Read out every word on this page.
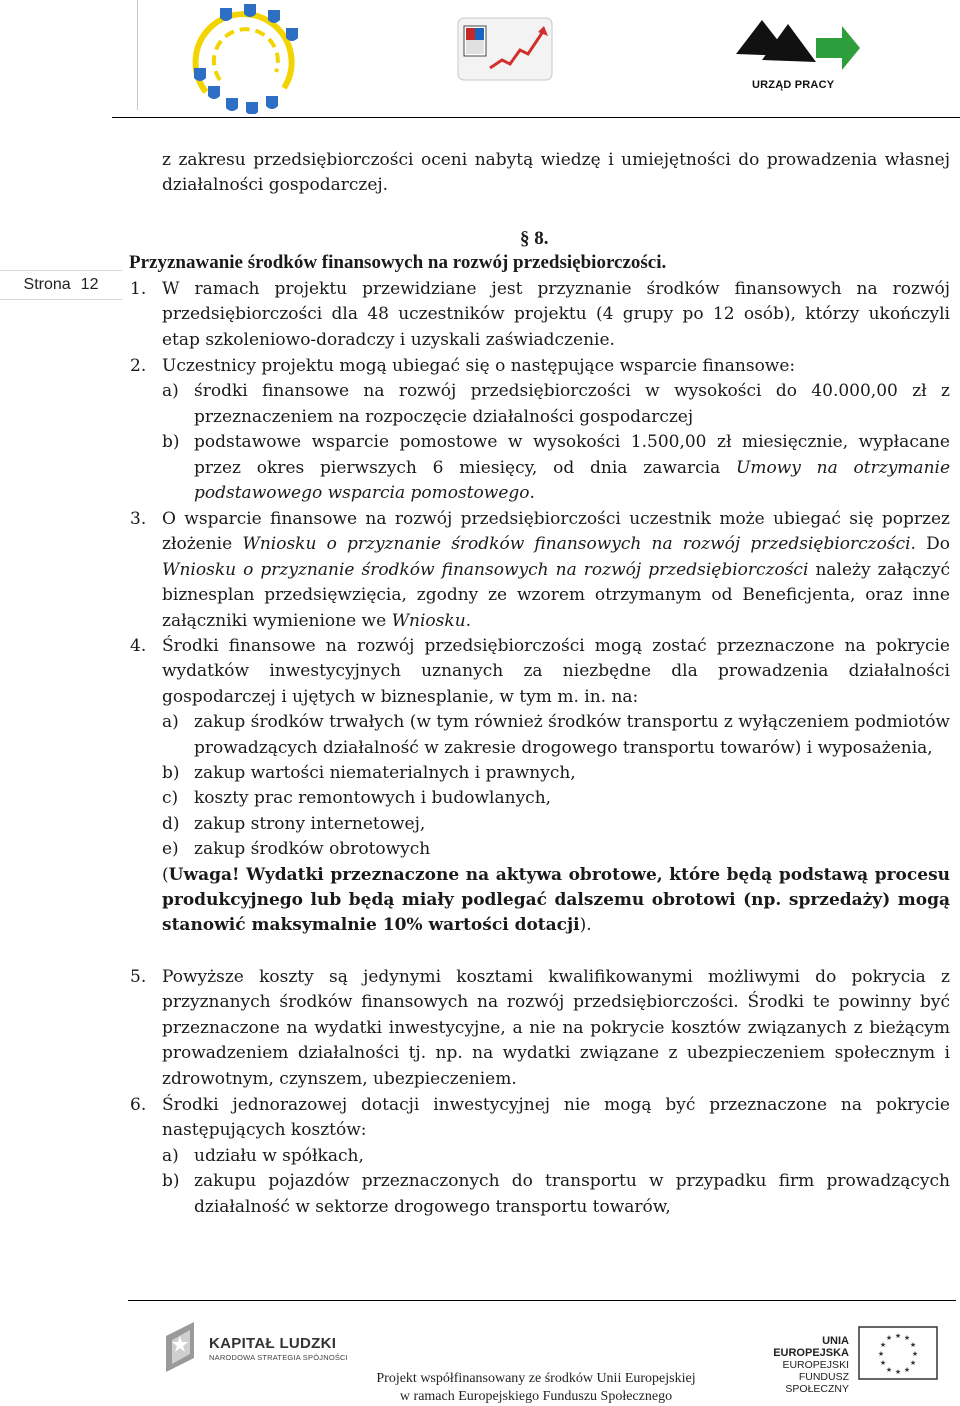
URZĄD PRACY
Strona 12
z zakresu przedsiębiorczości oceni nabytą wiedzę i umiejętności do prowadzenia własnej działalności gospodarczej.
§ 8.
Przyznawanie środków finansowych na rozwój przedsiębiorczości.
1. W ramach projektu przewidziane jest przyznanie środków finansowych na rozwój przedsiębiorczości dla 48 uczestników projektu (4 grupy po 12 osób), którzy ukończyli etap szkoleniowo-doradczy i uzyskali zaświadczenie.
2. Uczestnicy projektu mogą ubiegać się o następujące wsparcie finansowe:
a) środki finansowe na rozwój przedsiębiorczości w wysokości do 40.000,00 zł z przeznaczeniem na rozpoczęcie działalności gospodarczej
b) podstawowe wsparcie pomostowe w wysokości 1.500,00 zł miesięcznie, wypłacane przez okres pierwszych 6 miesięcy, od dnia zawarcia Umowy na otrzymanie podstawowego wsparcia pomostowego.
3. O wsparcie finansowe na rozwój przedsiębiorczości uczestnik może ubiegać się poprzez złożenie Wniosku o przyznanie środków finansowych na rozwój przedsiębiorczości. Do Wniosku o przyznanie środków finansowych na rozwój przedsiębiorczości należy załączyć biznesplan przedsięwzięcia, zgodny ze wzorem otrzymanym od Beneficjenta, oraz inne załączniki wymienione we Wniosku.
4. Środki finansowe na rozwój przedsiębiorczości mogą zostać przeznaczone na pokrycie wydatków inwestycyjnych uznanych za niezbędne dla prowadzenia działalności gospodarczej i ujętych w biznesplanie, w tym m. in. na:
a) zakup środków trwałych (w tym również środków transportu z wyłączeniem podmiotów prowadzących działalność w zakresie drogowego transportu towarów) i wyposażenia,
b) zakup wartości niematerialnych i prawnych,
c) koszty prac remontowych i budowlanych,
d) zakup strony internetowej,
e) zakup środków obrotowych
(Uwaga! Wydatki przeznaczone na aktywa obrotowe, które będą podstawą procesu produkcyjnego lub będą miały podlegać dalszemu obrotowi (np. sprzedaży) mogą stanowić maksymalnie 10% wartości dotacji).
5. Powyższe koszty są jedynymi kosztami kwalifikowanymi możliwymi do pokrycia z przyznanych środków finansowych na rozwój przedsiębiorczości. Środki te powinny być przeznaczone na wydatki inwestycyjne, a nie na pokrycie kosztów związanych z bieżącym prowadzeniem działalności tj. np. na wydatki związane z ubezpieczeniem społecznym i zdrowotnym, czynszem, ubezpieczeniem.
6. Środki jednorazowej dotacji inwestycyjnej nie mogą być przeznaczone na pokrycie następujących kosztów:
a) udziału w spółkach,
b) zakupu pojazdów przeznaczonych do transportu w przypadku firm prowadzących działalność w sektorze drogowego transportu towarów,
KAPITAŁ LUDZKI
NARODOWA STRATEGIA SPÓJNOŚCI
UNIA EUROPEJSKA
EUROPEJSKI
FUNDUSZ SPOŁECZNY
★ ★
★
★
★
★
★
★
★
★
★
★
Projekt współfinansowany ze środków Unii Europejskiej
w ramach Europejskiego Funduszu Społecznego
